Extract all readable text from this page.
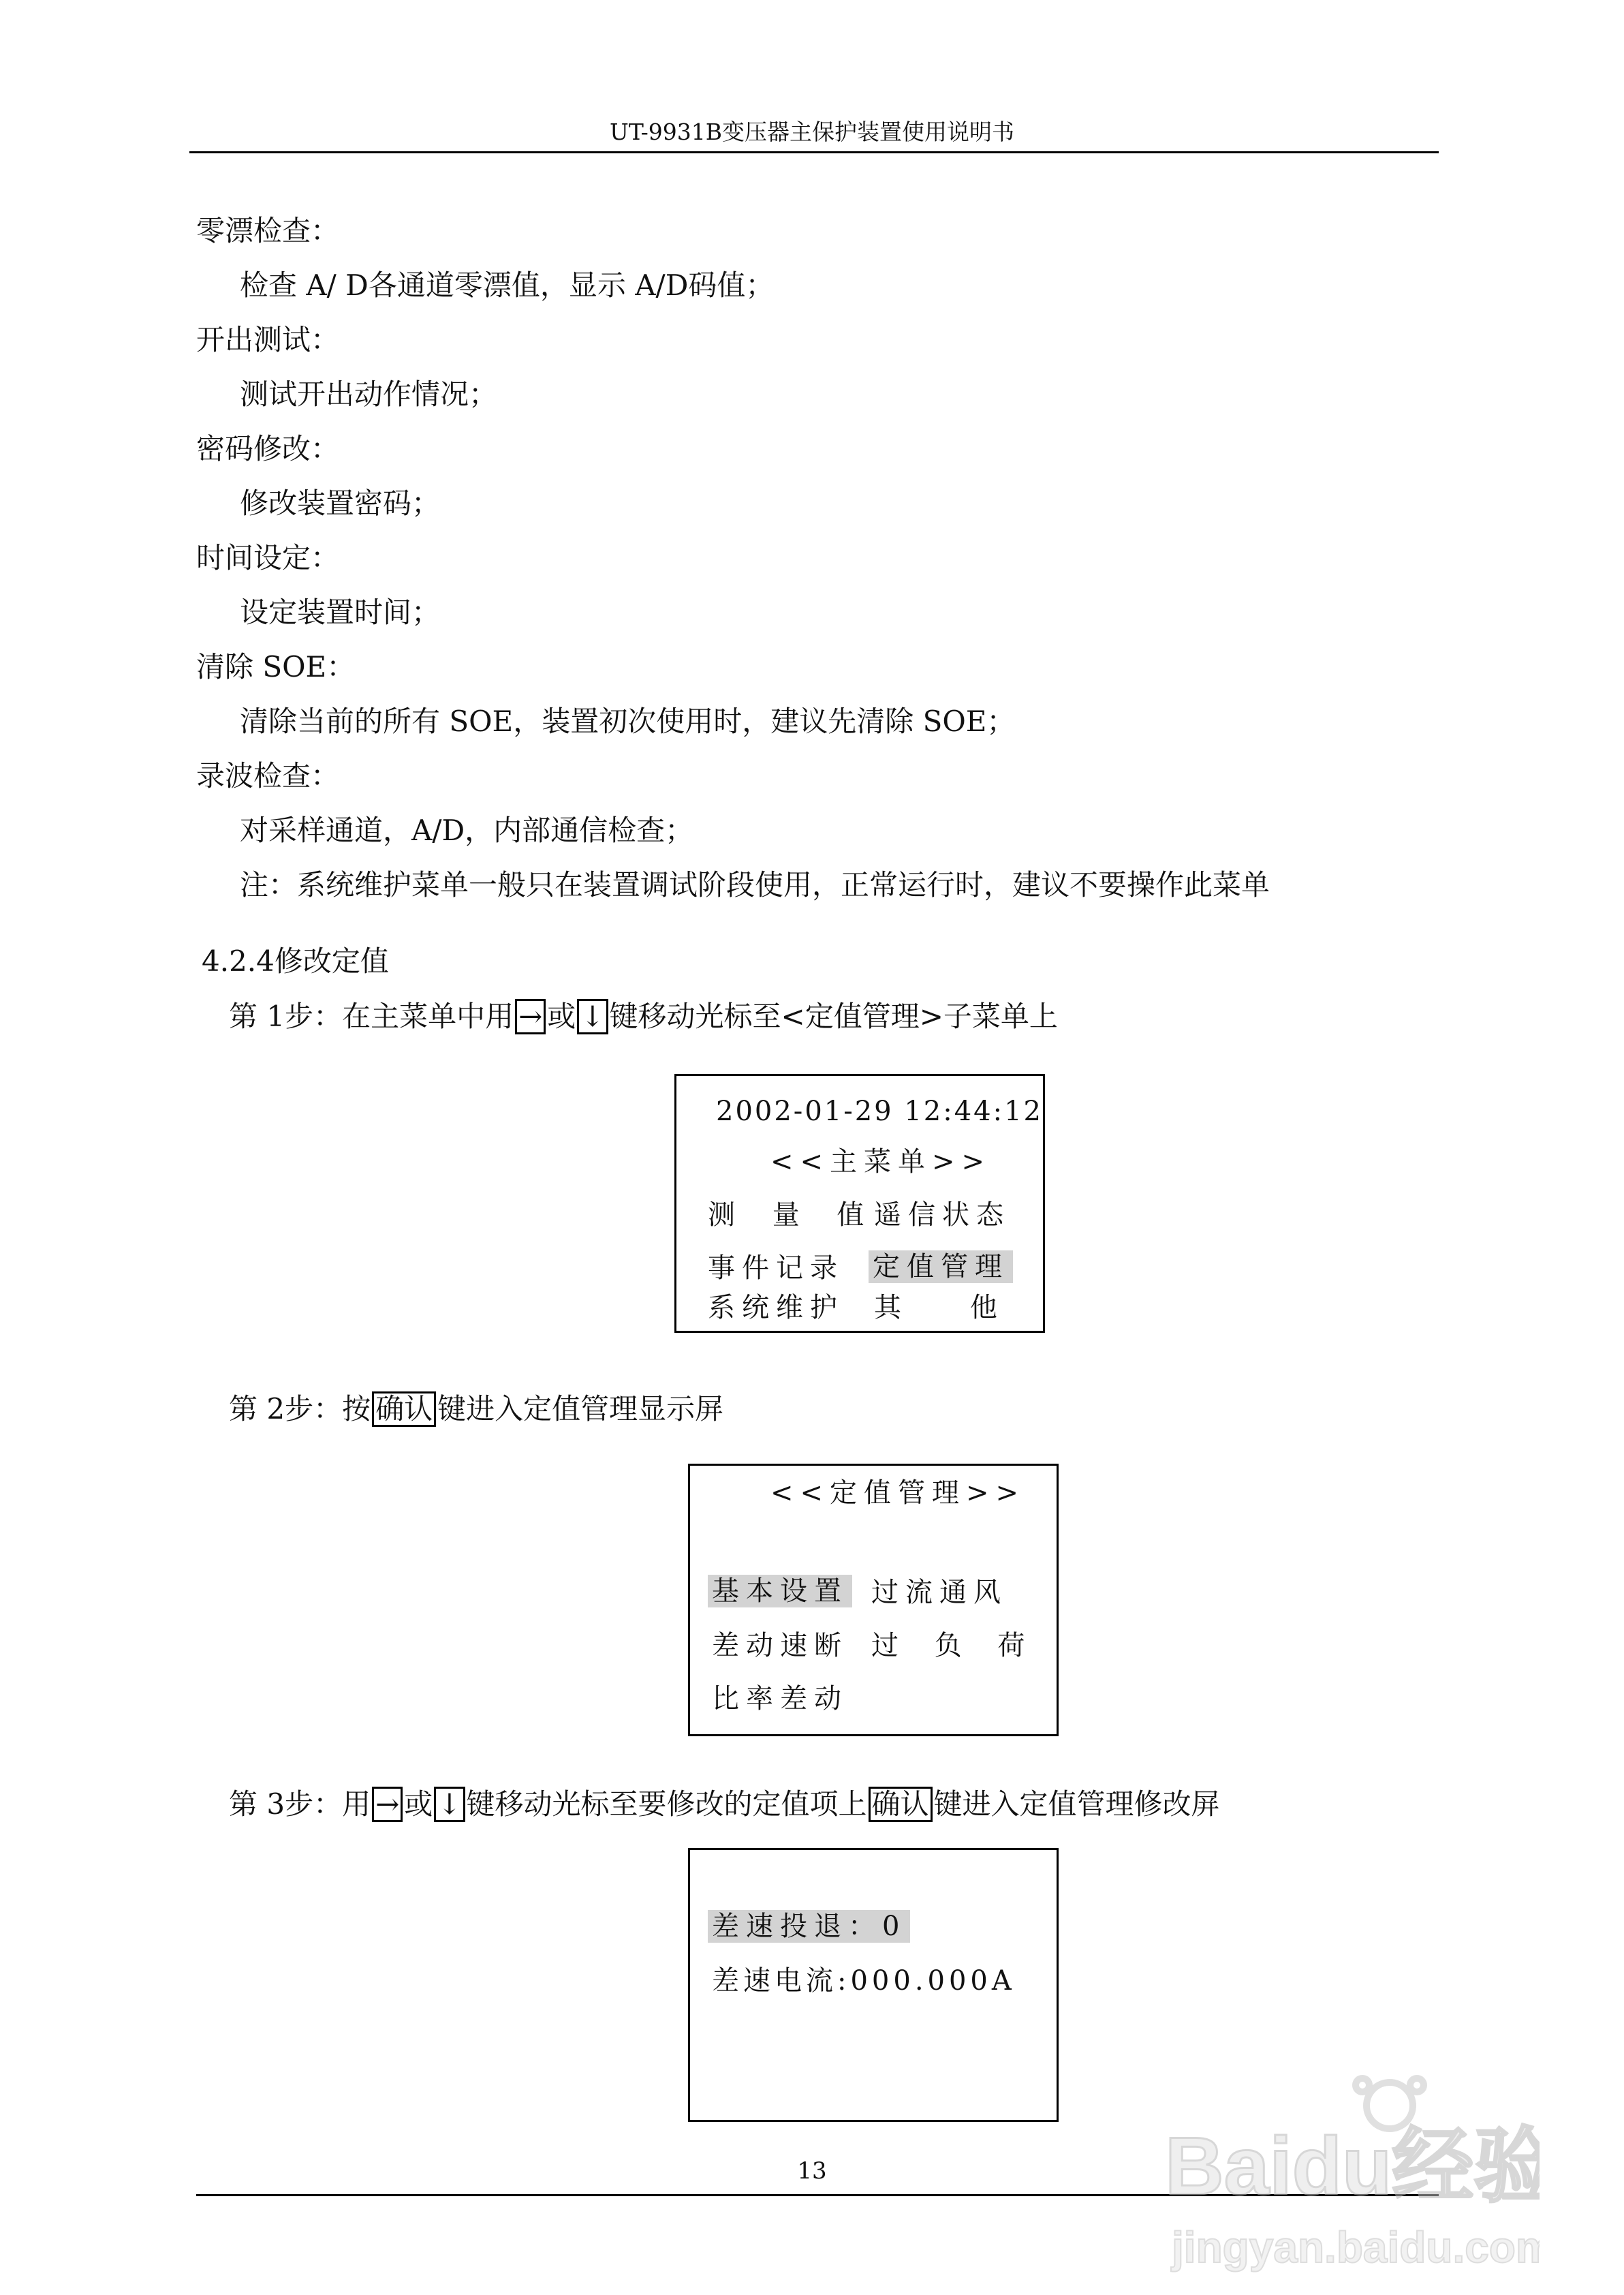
UT-9931B变压器主保护装置使用说明书
零漂检查：
检查 A/ D各通道零漂值，显示 A/D码值；
开出测试：
测试开出动作情况；
密码修改：
修改装置密码；
时间设定：
设定装置时间；
清除 SOE：
清除当前的所有 SOE，装置初次使用时，建议先清除 SOE；
录波检查：
对采样通道，A/D，内部通信检查；
注：系统维护菜单一般只在装置调试阶段使用，正常运行时，建议不要操作此菜单
4.2.4修改定值
第 1步：在主菜单中用 → 或 ↓ 键移动光标至<定值管理>子菜单上
2002-01-29 12:44:12
<<主菜单>>
测 量 值 遥信状态
事件记录 定值管理
系统维护 其    他
第 2步：按 确认 键进入定值管理显示屏
<<定值管理>>
基本设置 过流通风
差动速断 过 负 荷
比率差动
第 3步：用 → 或 ↓ 键移动光标至要修改的定值项上 确认 键进入定值管理修改屏
差速投退：0
差速电流:000.000A
13	Baidu经验
jingyan.baidu.com
